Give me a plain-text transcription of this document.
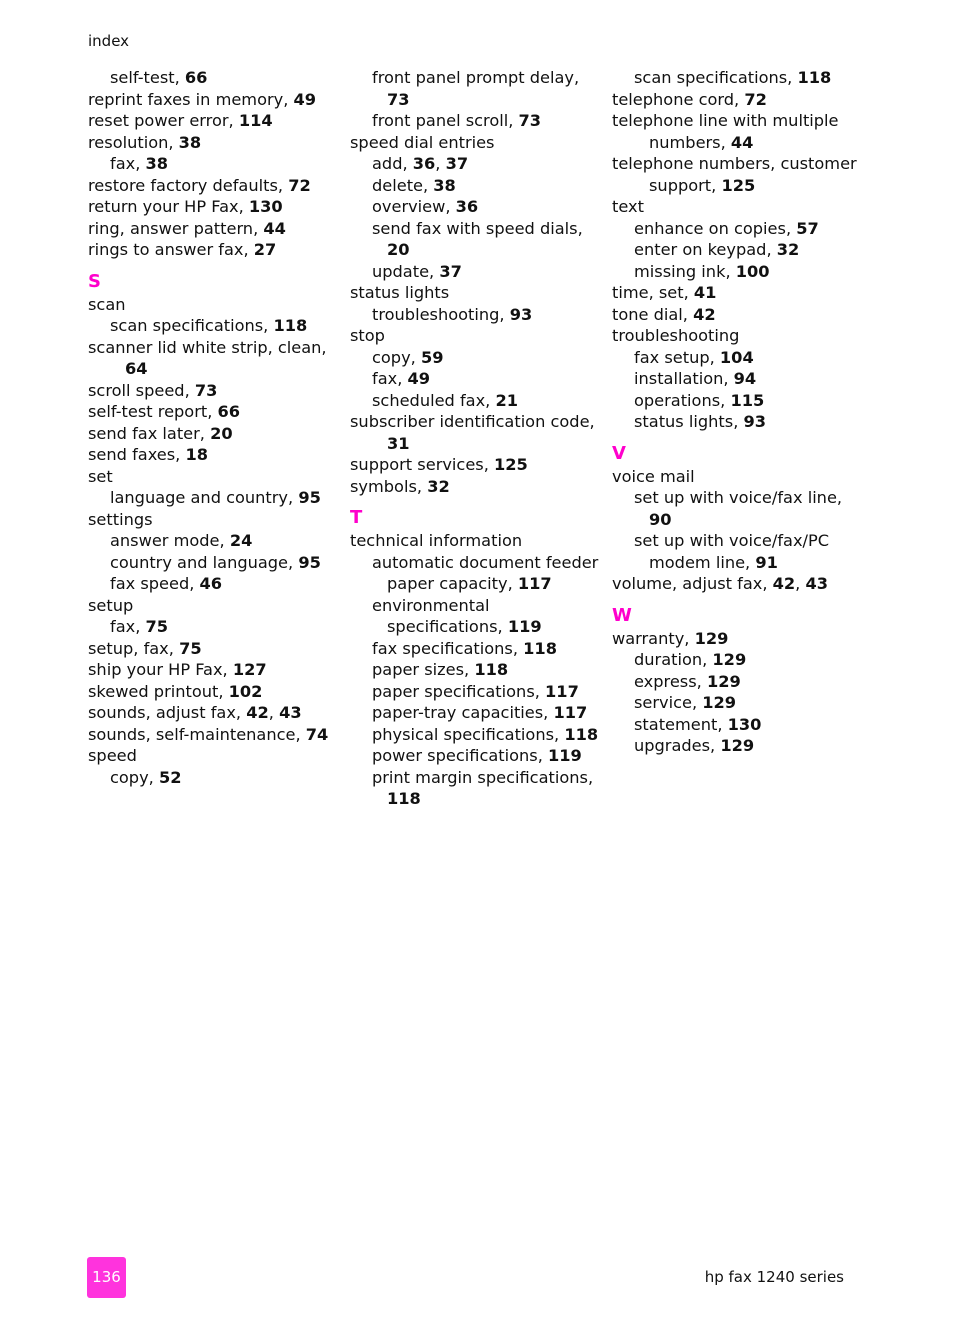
index
self-test, 66
reprint faxes in memory, 49
reset power error, 114
resolution, 38
fax, 38
restore factory defaults, 72
return your HP Fax, 130
ring, answer pattern, 44
rings to answer fax, 27
S
scan
scan specifications, 118
scanner lid white strip, clean,
64
scroll speed, 73
self-test report, 66
send fax later, 20
send faxes, 18
set
language and country, 95
settings
answer mode, 24
country and language, 95
fax speed, 46
setup
fax, 75
setup, fax, 75
ship your HP Fax, 127
skewed printout, 102
sounds, adjust fax, 42, 43
sounds, self-maintenance, 74
speed
copy, 52
front panel prompt delay,
73
front panel scroll, 73
speed dial entries
add, 36, 37
delete, 38
overview, 36
send fax with speed dials,
20
update, 37
status lights
troubleshooting, 93
stop
copy, 59
fax, 49
scheduled fax, 21
subscriber identification code,
31
support services, 125
symbols, 32
T
technical information
automatic document feeder
paper capacity, 117
environmental
specifications, 119
fax specifications, 118
paper sizes, 118
paper specifications, 117
paper-tray capacities, 117
physical specifications, 118
power specifications, 119
print margin specifications,
118
scan specifications, 118
telephone cord, 72
telephone line with multiple
numbers, 44
telephone numbers, customer
support, 125
text
enhance on copies, 57
enter on keypad, 32
missing ink, 100
time, set, 41
tone dial, 42
troubleshooting
fax setup, 104
installation, 94
operations, 115
status lights, 93
V
voice mail
set up with voice/fax line,
90
set up with voice/fax/PC
modem line, 91
volume, adjust fax, 42, 43
W
warranty, 129
duration, 129
express, 129
service, 129
statement, 130
upgrades, 129
136	hp fax 1240 series
